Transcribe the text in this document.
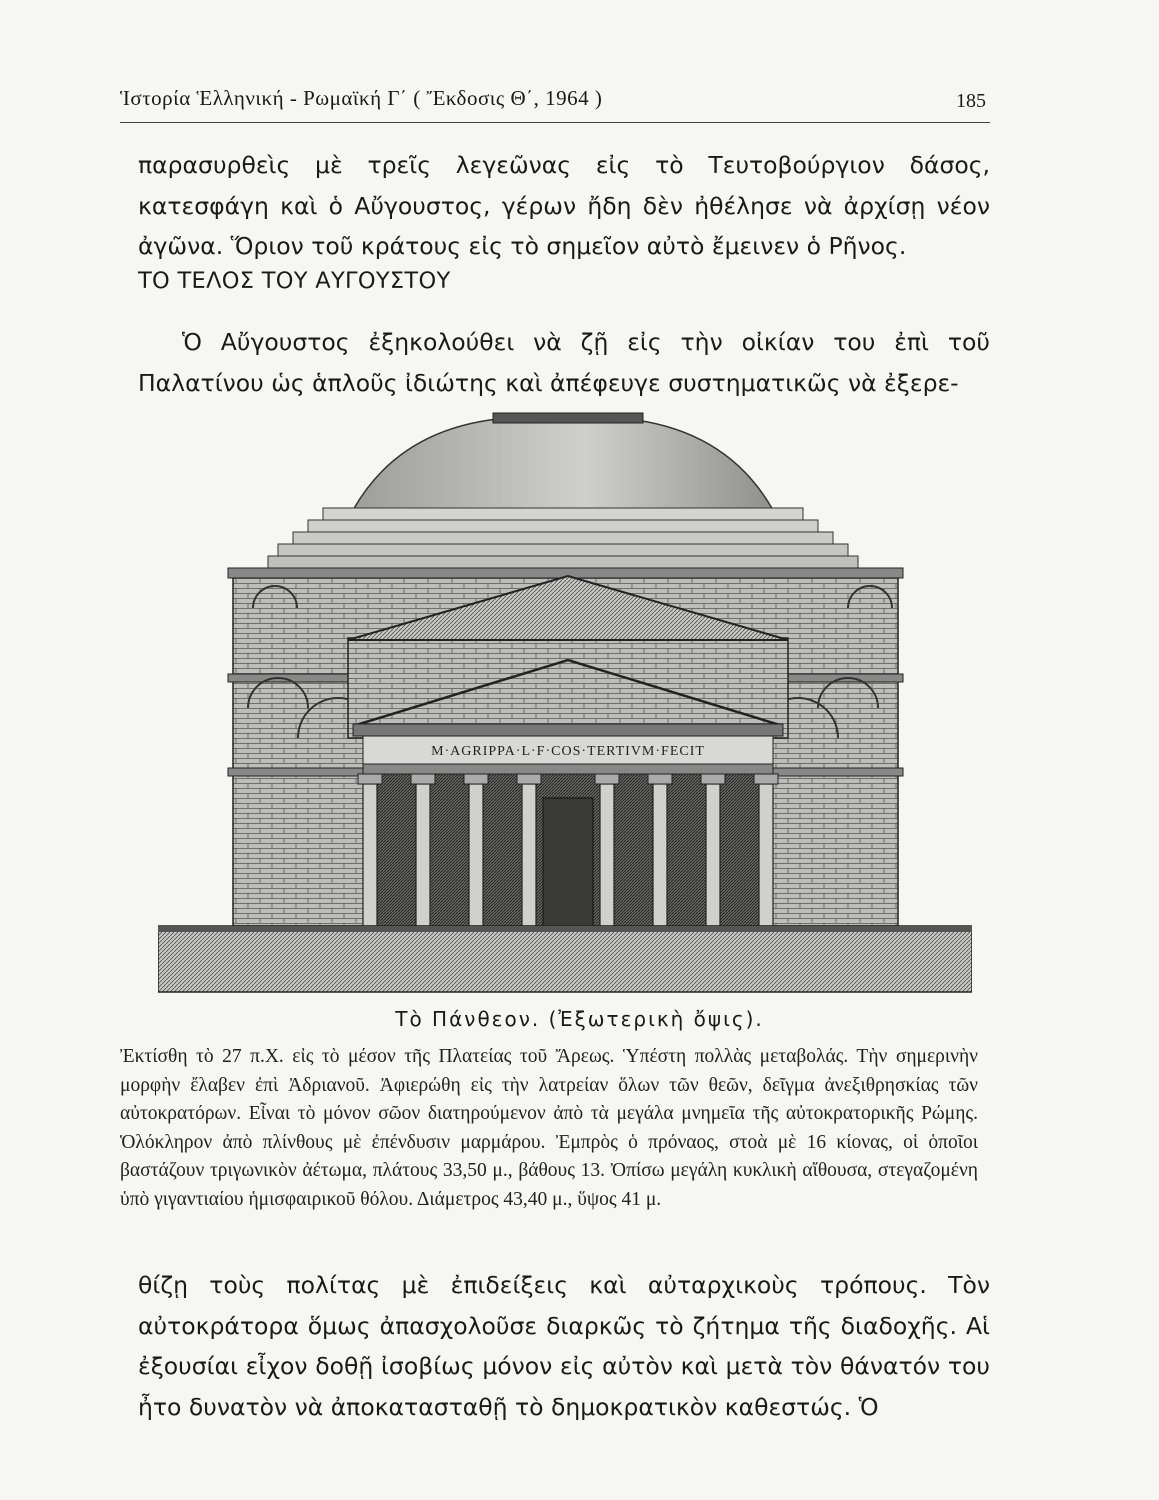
Ἱστορία Ἑλληνική - Ρωμαϊκή Γ΄ ( Ἔκδοσις Θ΄, 1964 )	185

παρασυρθεὶς μὲ τρεῖς λεγεῶνας εἰς τὸ Τευτοβούργιον δάσος, κατεσφάγη καὶ ὁ Αὔγουστος, γέρων ἤδη δὲν ἠθέλησε νὰ ἀρχίσῃ νέον ἀγῶνα. Ὅριον τοῦ κράτους εἰς τὸ σημεῖον αὐτὸ ἔμεινεν ὁ Ρῆνος.

ΤΟ ΤΕΛΟΣ ΤΟΥ ΑΥΓΟΥΣΤΟΥ

Ὁ Αὔγουστος ἐξηκολούθει νὰ ζῇ εἰς τὴν οἰκίαν του ἐπὶ τοῦ Παλατίνου ὡς ἁπλοῦς ἰδιώτης καὶ ἀπέφευγε συστηματικῶς νὰ ἐξερε-

M·AGRIPPA·L·F·COS·TERTIVM·FECIT

Τὸ Πάνθεον. (Ἐξωτερικὴ ὄψις).

Ἐκτίσθη τὸ 27 π.Χ. εἰς τὸ μέσον τῆς Πλατείας τοῦ Ἄρεως. Ὑπέστη πολλὰς μεταβολάς. Τὴν σημερινὴν μορφὴν ἔλαβεν ἐπὶ Ἀδριανοῦ. Ἀφιερώθη εἰς τὴν λατρείαν ὅλων τῶν θεῶν, δεῖγμα ἀνεξιθρησκίας τῶν αὐτοκρατόρων. Εἶναι τὸ μόνον σῶον διατηρούμενον ἀπὸ τὰ μεγάλα μνημεῖα τῆς αὐτοκρατορικῆς Ρώμης. Ὁλόκληρον ἀπὸ πλίνθους μὲ ἐπένδυσιν μαρμάρου. Ἐμπρὸς ὁ πρόναος, στοὰ μὲ 16 κίονας, οἱ ὁποῖοι βαστάζουν τριγωνικὸν ἀέτωμα, πλάτους 33,50 μ., βάθους 13. Ὀπίσω μεγάλη κυκλικὴ αἴθουσα, στεγαζομένη ὑπὸ γιγαντιαίου ἡμισφαιρικοῦ θόλου. Διάμετρος 43,40 μ., ὕψος 41 μ.

θίζῃ τοὺς πολίτας μὲ ἐπιδείξεις καὶ αὐταρχικοὺς τρόπους. Τὸν αὐτοκράτορα ὅμως ἀπασχολοῦσε διαρκῶς τὸ ζήτημα τῆς διαδοχῆς. Αἱ ἐξουσίαι εἶχον δοθῇ ἰσοβίως μόνον εἰς αὐτὸν καὶ μετὰ τὸν θάνατόν του ἦτο δυνατὸν νὰ ἀποκατασταθῇ τὸ δημοκρατικὸν καθεστώς. Ὁ
